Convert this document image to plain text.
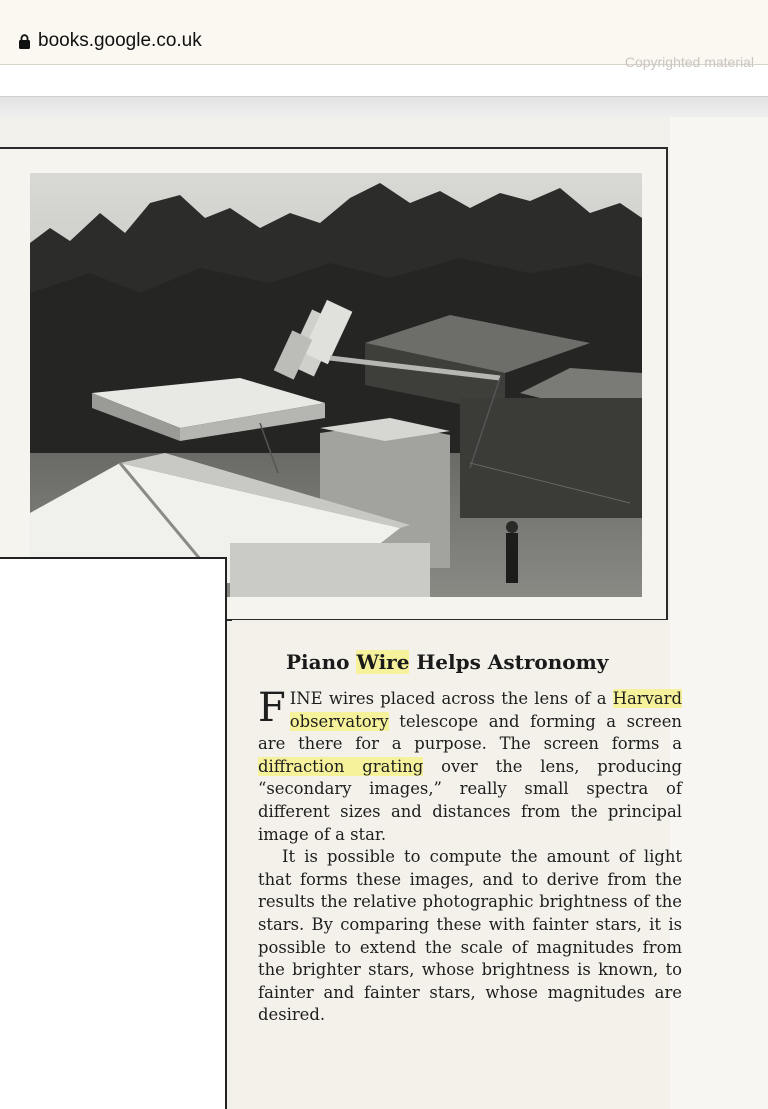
books.google.co.uk
Copyrighted material
Piano Wire Helps Astronomy

FINE wires placed across the lens of a Harvard observatory telescope and forming a screen are there for a purpose. The screen forms a diffraction grating over the lens, producing “secondary images,” really small spectra of different sizes and distances from the principal image of a star.

It is possible to compute the amount of light that forms these images, and to derive from the results the relative photographic brightness of the stars. By comparing these with fainter stars, it is possible to extend the scale of magnitudes from the brighter stars, whose brightness is known, to fainter and fainter stars, whose magnitudes are desired.
